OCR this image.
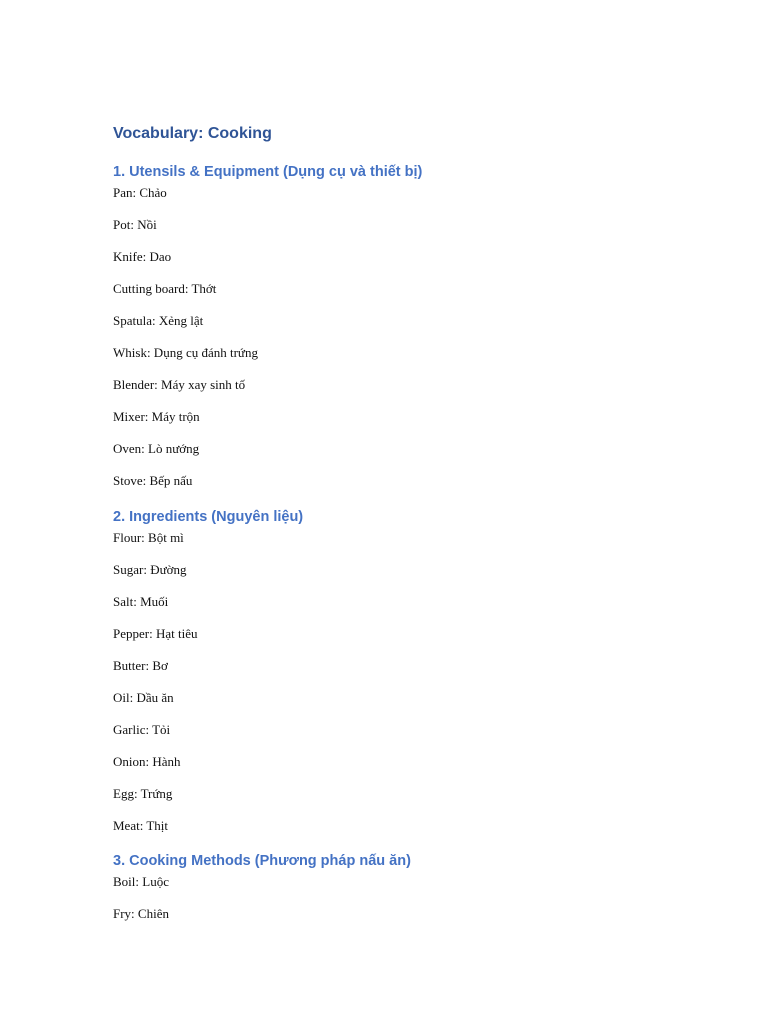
Vocabulary: Cooking
1. Utensils & Equipment (Dụng cụ và thiết bị)
Pan: Chảo
Pot: Nồi
Knife: Dao
Cutting board: Thớt
Spatula: Xẻng lật
Whisk: Dụng cụ đánh trứng
Blender: Máy xay sinh tố
Mixer: Máy trộn
Oven: Lò nướng
Stove: Bếp nấu
2. Ingredients (Nguyên liệu)
Flour: Bột mì
Sugar: Đường
Salt: Muối
Pepper: Hạt tiêu
Butter: Bơ
Oil: Dầu ăn
Garlic: Tỏi
Onion: Hành
Egg: Trứng
Meat: Thịt
3. Cooking Methods (Phương pháp nấu ăn)
Boil: Luộc
Fry: Chiên
